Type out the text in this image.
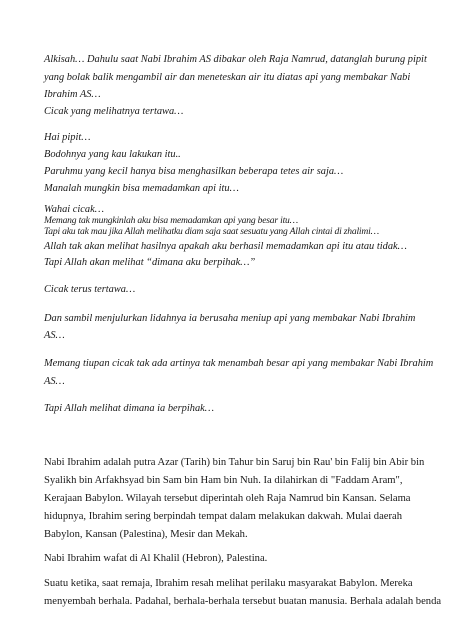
Alkisah… Dahulu saat Nabi Ibrahim AS dibakar oleh Raja Namrud, datanglah burung pipit
yang bolak balik mengambil air dan meneteskan air itu diatas api yang membakar Nabi
Ibrahim AS…
Cicak yang melihatnya tertawa…
Hai pipit…
Bodohnya yang kau lakukan itu..
Paruhmu yang kecil hanya bisa menghasilkan beberapa tetes air saja…
Manalah mungkin bisa memadamkan api itu…
Wahai cicak…
Memang tak mungkinlah aku bisa memadamkan api yang besar itu…
Tapi aku tak mau jika Allah melihatku diam saja saat sesuatu yang Allah cintai di zhalimi…
Allah tak akan melihat hasilnya apakah aku berhasil memadamkan api itu atau tidak…
Tapi Allah akan melihat “dimana aku berpihak…”
Cicak terus tertawa…
Dan sambil menjulurkan lidahnya ia berusaha meniup api yang membakar Nabi Ibrahim
AS…
Memang tiupan cicak tak ada artinya tak menambah besar api yang membakar Nabi Ibrahim
AS…
Tapi Allah melihat dimana ia berpihak…
Nabi Ibrahim adalah putra Azar (Tarih) bin Tahur bin Saruj bin Rau' bin Falij bin Abir bin
Syalikh bin Arfakhsyad bin Sam bin Ham bin Nuh. Ia dilahirkan di "Faddam Aram",
Kerajaan Babylon. Wilayah tersebut diperintah oleh Raja Namrud bin Kansan. Selama
hidupnya, Ibrahim sering berpindah tempat dalam melakukan dakwah. Mulai daerah
Babylon, Kansan (Palestina), Mesir dan Mekah.
Nabi Ibrahim wafat di Al Khalil (Hebron), Palestina.
Suatu ketika, saat remaja, Ibrahim resah melihat perilaku masyarakat Babylon. Mereka
menyembah berhala. Padahal, berhala-berhala tersebut buatan manusia. Berhala adalah benda
